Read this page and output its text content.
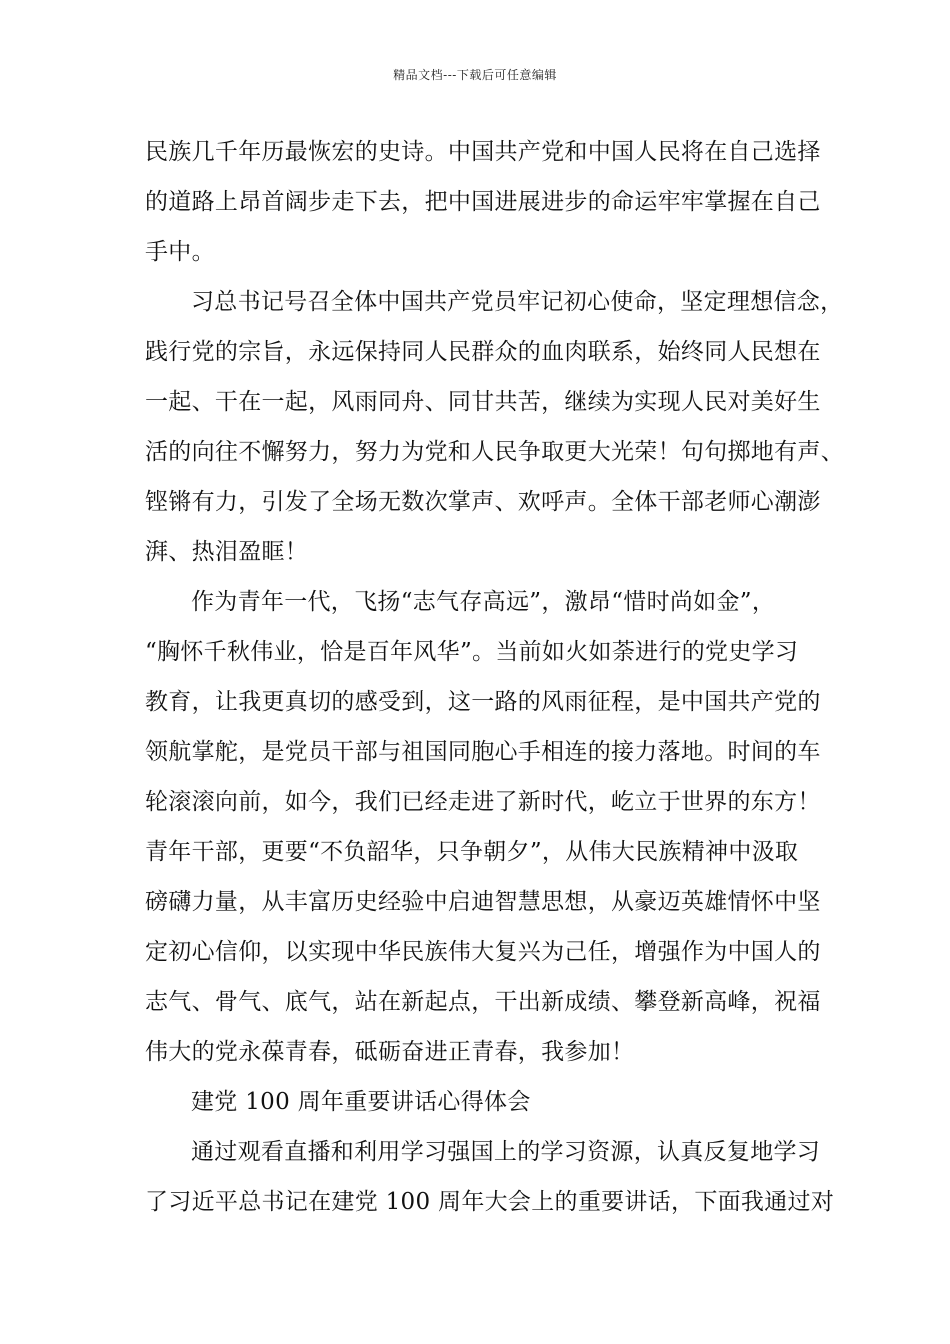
精品文档---下载后可任意编辑
民族几千年历最恢宏的史诗。中国共产党和中国人民将在自己选择
的道路上昂首阔步走下去，把中国进展进步的命运牢牢掌握在自己
手中。
习总书记号召全体中国共产党员牢记初心使命，坚定理想信念，
践行党的宗旨，永远保持同人民群众的血肉联系，始终同人民想在
一起、干在一起，风雨同舟、同甘共苦，继续为实现人民对美好生
活的向往不懈努力，努力为党和人民争取更大光荣！句句掷地有声、
铿锵有力，引发了全场无数次掌声、欢呼声。全体干部老师心潮澎
湃、热泪盈眶！
作为青年一代，飞扬“志气存高远”，激昂“惜时尚如金”，
“胸怀千秋伟业，恰是百年风华”。当前如火如荼进行的党史学习
教育，让我更真切的感受到，这一路的风雨征程，是中国共产党的
领航掌舵，是党员干部与祖国同胞心手相连的接力落地。时间的车
轮滚滚向前，如今，我们已经走进了新时代，屹立于世界的东方！
青年干部，更要“不负韶华，只争朝夕”，从伟大民族精神中汲取
磅礴力量，从丰富历史经验中启迪智慧思想，从豪迈英雄情怀中坚
定初心信仰，以实现中华民族伟大复兴为己任，增强作为中国人的
志气、骨气、底气，站在新起点，干出新成绩、攀登新高峰，祝福
伟大的党永葆青春，砥砺奋进正青春，我参加！
建党 100 周年重要讲话心得体会
通过观看直播和利用学习强国上的学习资源，认真反复地学习
了习近平总书记在建党 100 周年大会上的重要讲话，下面我通过对
